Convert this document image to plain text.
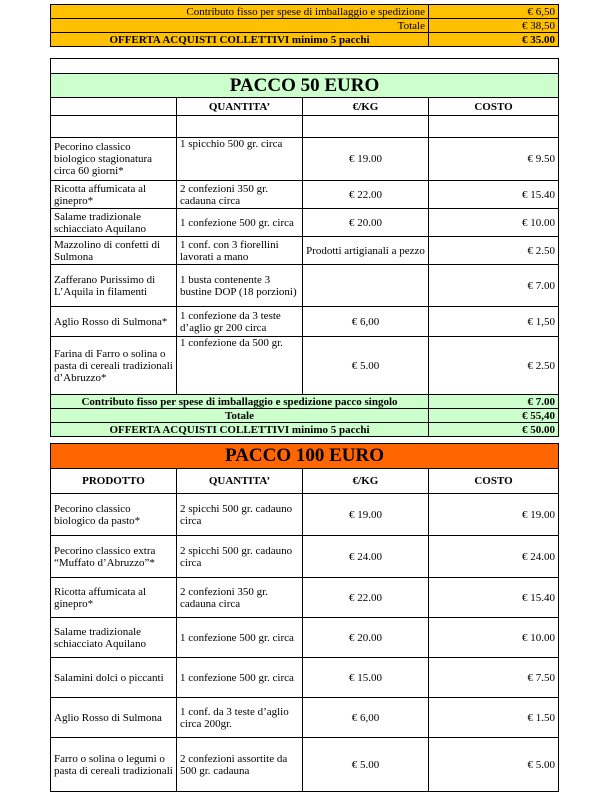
Contributo fisso per spese di imballaggio e spedizione	€ 6,50
Totale	€ 38,50
OFFERTA ACQUISTI COLLETTIVI minimo 5 pacchi	€ 35.00

PACCO 50 EURO			
	QUANTITA’	€/KG	COSTO

Pecorino classico biologico stagionatura circa 60 giorni*	1 spicchio 500 gr. circa	€ 19.00	€ 9.50
Ricotta affumicata al ginepro*	2 confezioni 350 gr. cadauna circa	€ 22.00	€ 15.40
Salame tradizionale schiacciato Aquilano	1 confezione 500 gr. circa	€ 20.00	€ 10.00
Mazzolino di confetti di Sulmona	1 conf. con 3 fiorellini lavorati a mano	Prodotti artigianali a pezzo	€ 2.50
Zafferano Purissimo di L’Aquila in filamenti	1 busta contenente 3 bustine DOP (18 porzioni)		€ 7.00
Aglio Rosso di Sulmona*	1 confezione da 3 teste d’aglio gr 200 circa	€ 6,00	€ 1,50
Farina di Farro o solina o pasta di cereali tradizionali d’Abruzzo*	1 confezione da 500 gr.	€ 5.00	€ 2.50
Contributo fisso per spese di imballaggio e spedizione pacco singolo			€ 7.00
Totale			€ 55,40
OFFERTA ACQUISTI COLLETTIVI minimo 5 pacchi			€ 50.00
PACCO 100 EURO			
PRODOTTO	QUANTITA’	€/KG	COSTO
Pecorino classico biologico da pasto*	2 spicchi 500 gr. cadauno circa	€ 19.00	€ 19.00
Pecorino classico extra “Muffato d’Abruzzo”*	2 spicchi 500 gr. cadauno circa	€ 24.00	€ 24.00
Ricotta affumicata al ginepro*	2 confezioni 350 gr. cadauna circa	€ 22.00	€ 15.40
Salame tradizionale schiacciato Aquilano	1 confezione 500 gr. circa	€ 20.00	€ 10.00
Salamini dolci o piccanti	1 confezione 500 gr. circa	€ 15.00	€ 7.50
Aglio Rosso di Sulmona	1 conf. da 3 teste d’aglio circa 200gr.	€ 6,00	€ 1.50
Farro o solina o legumi o pasta di cereali tradizionali	2 confezioni assortite da 500 gr. cadauna	€ 5.00	€ 5.00
